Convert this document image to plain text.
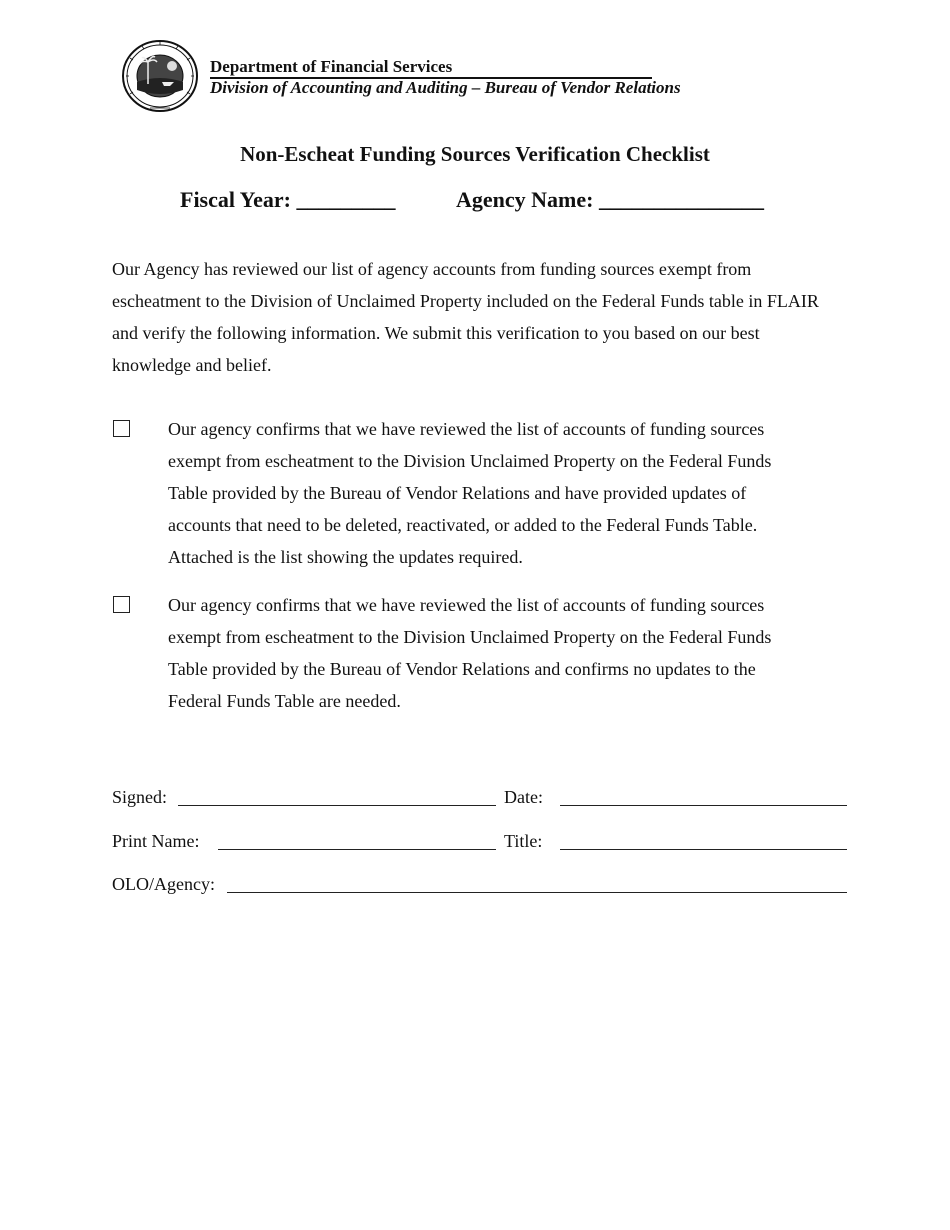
Department of Financial Services
Division of Accounting and Auditing – Bureau of Vendor Relations
Non-Escheat Funding Sources Verification Checklist
Fiscal Year: _________	Agency Name: _______________

Our Agency has reviewed our list of agency accounts from funding sources exempt from escheatment to the Division of Unclaimed Property included on the Federal Funds table in FLAIR and verify the following information. We submit this verification to you based on our best knowledge and belief.

Our agency confirms that we have reviewed the list of accounts of funding sources exempt from escheatment to the Division Unclaimed Property on the Federal Funds Table provided by the Bureau of Vendor Relations and have provided updates of accounts that need to be deleted, reactivated, or added to the Federal Funds Table. Attached is the list showing the updates required.

Our agency confirms that we have reviewed the list of accounts of funding sources exempt from escheatment to the Division Unclaimed Property on the Federal Funds Table provided by the Bureau of Vendor Relations and confirms no updates to the Federal Funds Table are needed.

Signed:	Date:
Print Name:	Title:
OLO/Agency:
